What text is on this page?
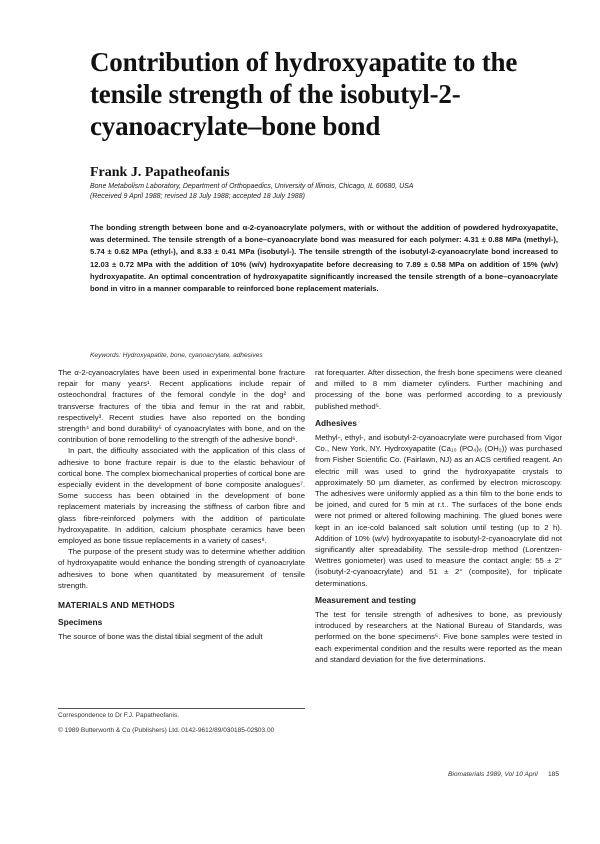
Contribution of hydroxyapatite to the tensile strength of the isobutyl-2-cyanoacrylate–bone bond
Frank J. Papatheofanis
Bone Metabolism Laboratory, Department of Orthopaedics, University of Illinois, Chicago, IL 60680, USA
(Received 9 April 1988; revised 18 July 1988; accepted 18 July 1988)
The bonding strength between bone and α-2-cyanoacrylate polymers, with or without the addition of powdered hydroxyapatite, was determined. The tensile strength of a bone–cyanoacrylate bond was measured for each polymer: 4.31 ± 0.88 MPa (methyl-), 5.74 ± 0.62 MPa (ethyl-), and 8.33 ± 0.41 MPa (isobutyl-). The tensile strength of the isobutyl-2-cyanoacrylate bond increased to 12.03 ± 0.72 MPa with the addition of 10% (w/v) hydroxyapatite before decreasing to 7.89 ± 0.58 MPa on addition of 15% (w/v) hydroxyapatite. An optimal concentration of hydroxyapatite significantly increased the tensile strength of a bone–cyanoacrylate bond in vitro in a manner comparable to reinforced bone replacement materials.
Keywords: Hydroxyapatite, bone, cyanoacrylate, adhesives

The α-2-cyanoacrylates have been used in experimental bone fracture repair for many years¹. Recent applications include repair of osteochondral fractures of the femoral condyle in the dog² and transverse fractures of the tibia and femur in the rat and rabbit, respectively³. Recent studies have also reported on the bonding strength⁴ and bond durability⁵ of cyanoacrylates with bone, and on the contribution of bone remodelling to the strength of the adhesive bond⁶.

In part, the difficulty associated with the application of this class of adhesive to bone fracture repair is due to the elastic behaviour of cortical bone. The complex biomechanical properties of cortical bone are especially evident in the development of bone composite analogues⁷. Some success has been obtained in the development of bone replacement materials by increasing the stiffness of carbon fibre and glass fibre-reinforced polymers with the addition of particulate hydroxyapatite. In addition, calcium phosphate ceramics have been employed as bone tissue replacements in a variety of cases⁸.

The purpose of the present study was to determine whether addition of hydroxyapatite would enhance the bonding strength of cyanoacrylate adhesives to bone when quantitated by measurement of tensile strength.

MATERIALS AND METHODS

Specimens

The source of bone was the distal tibial segment of the adult

rat forequarter. After dissection, the fresh bone specimens were cleaned and milled to 8 mm diameter cylinders. Further machining and processing of the bone was performed according to a previously published method⁵.

Adhesives

Methyl-, ethyl-, and isobutyl-2-cyanoacrylate were purchased from Vigor Co., New York, NY. Hydroxyapatite (Ca₁₀ (PO₄)₆ (OH₂)) was purchased from Fisher Scientific Co. (Fairlawn, NJ) as an ACS certified reagent. An electric mill was used to grind the hydroxyapatite crystals to approximately 50 µm diameter, as confirmed by electron microscopy. The adhesives were uniformly applied as a thin film to the bone ends to be joined, and cured for 5 min at r.t.. The surfaces of the bone ends were not primed or altered following machining. The glued bones were kept in an ice-cold balanced salt solution until testing (up to 2 h). Addition of 10% (w/v) hydroxyapatite to isobutyl-2-cyanoacrylate did not significantly alter spreadability. The sessile-drop method (Lorentzen-Wettres goniometer) was used to measure the contact angle: 55 ± 2° (isobutyl-2-cyanoacrylate) and 51 ± 2° (composite), for triplicate determinations.

Measurement and testing

The test for tensile strength of adhesives to bone, as previously introduced by researchers at the National Bureau of Standards, was performed on the bone specimens⁵. Five bone samples were tested in each experimental condition and the results were reported as the mean and standard deviation for the five determinations.

Correspondence to Dr F.J. Papatheofanis.
© 1989 Butterworth & Co (Publishers) Ltd. 0142-9612/89/030185-02$03.00
Biomaterials 1989, Vol 10 April 185
